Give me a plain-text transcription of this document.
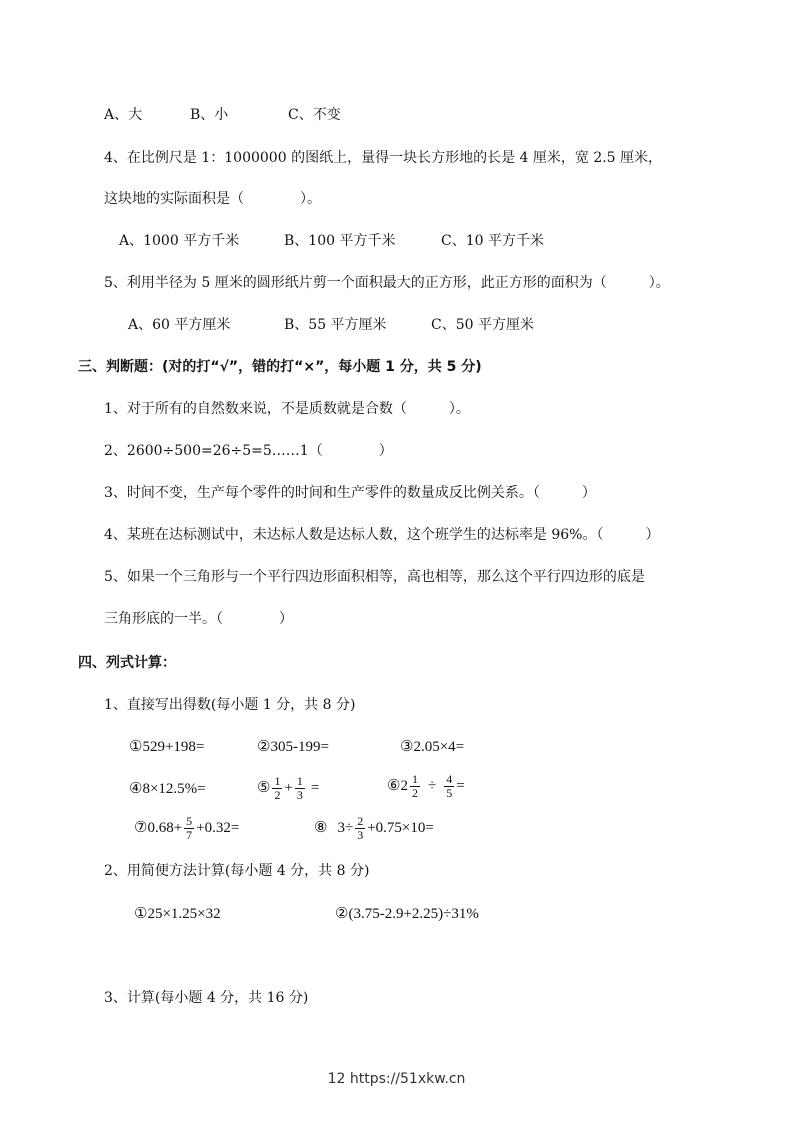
A、大	B、小	C、不变
4、在比例尺是 1：1000000 的图纸上，量得一块长方形地的长是 4 厘米，宽 2.5 厘米，
这块地的实际面积是（　　　　）。
A、1000 平方千米	B、100 平方千米	C、10 平方千米
5、利用半径为 5 厘米的圆形纸片剪一个面积最大的正方形，此正方形的面积为（　　　）。
A、60 平方厘米	B、55 平方厘米	C、50 平方厘米
三、判断题：(对的打“√”，错的打“×”，每小题 1 分，共 5 分)
1、对于所有的自然数来说，不是质数就是合数（　　　）。
2、2600÷500=26÷5=5……1（　　　　）
3、时间不变，生产每个零件的时间和生产零件的数量成反比例关系。（　　　）
4、某班在达标测试中，未达标人数是达标人数，这个班学生的达标率是 96%。（　　　）
5、如果一个三角形与一个平行四边形面积相等，高也相等，那么这个平行四边形的底是
三角形底的一半。（　　　　）
四、列式计算：
1、直接写出得数(每小题 1 分，共 8 分)
①529+198=	②305-199=	③2.05×4=
④8×12.5%=	⑤ $\frac{1}{2} + \frac{1}{3}$ =	⑥ $2 \frac{1}{2} \div \frac{4}{5}$ =
⑦0.68+ $\frac{5}{7} +0.32=$	⑧ $3\div \frac{2}{3} +0.75\times 10=$
2、用简便方法计算(每小题 4 分，共 8 分)
①25×1.25×32	②(3.75-2.9+2.25)÷31%
3、计算(每小题 4 分，共 16 分)
12 https://51xkw.cn
